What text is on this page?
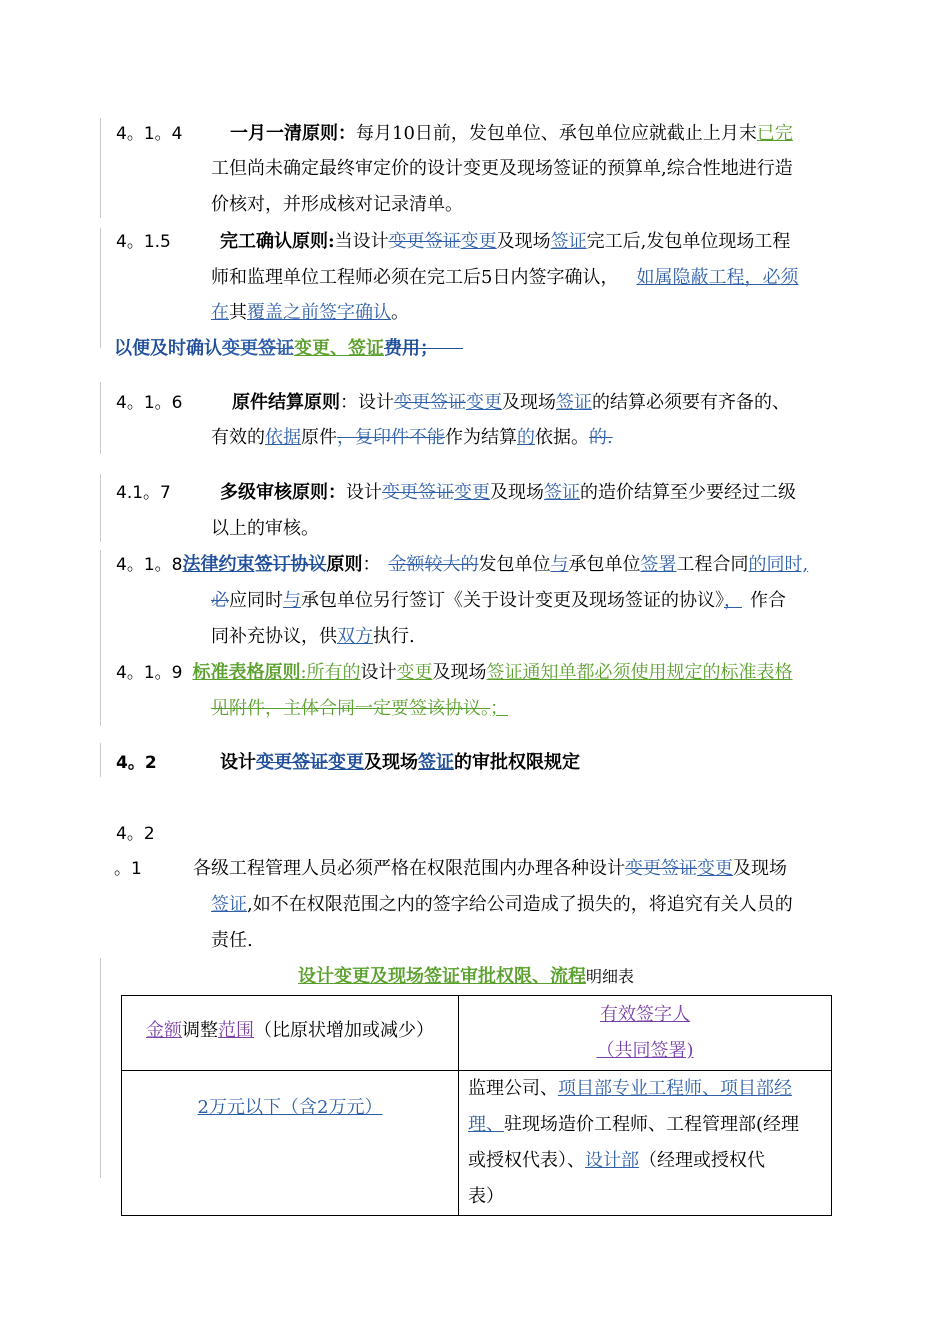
4。1。4	一月一清原则：每月10日前，发包单位、承包单位应就截止上月末已完
工但尚未确定最终审定价的设计变更及现场签证的预算单,综合性地进行造
价核对，并形成核对记录清单。
4。1.5	完工确认原则:当设计变更签证变更及现场签证完工后,发包单位现场工程
师和监理单位工程师必须在完工后5日内签字确认， 如属隐蔽工程，必须
在其覆盖之前签字确认。
以便及时确认变更签证变更、签证费用；
4。1。6	原件结算原则：设计变更签证变更及现场签证的结算必须要有齐备的、
有效的依据原件，复印件不能作为结算的依据。的.
4.1。7	多级审核原则：设计变更签证变更及现场签证的造价结算至少要经过二级
以上的审核。
4。1。8法律约束签订协议原则： 金额较大的发包单位与承包单位签署工程合同的同时,
必应同时与承包单位另行签订《关于设计变更及现场签证的协议》， 作合
同补充协议，供双方执行.
4。1。9 标准表格原则:所有的设计变更及现场签证通知单都必须使用规定的标准表格
见附件，主体合同一定要签该协议。；
4。2	设计变更签证变更及现场签证的审批权限规定
4。2
。1	各级工程管理人员必须严格在权限范围内办理各种设计变更签证变更及现场
签证,如不在权限范围之内的签字给公司造成了损失的，将追究有关人员的
责任.
设计变更及现场签证审批权限、流程明细表
金额调整范围（比原状增加或减少）	有效签字人
（共同签署)

2万元以下（含2万元）	监理公司、项目部专业工程师、项目部经
理、驻现场造价工程师、工程管理部(经理
或授权代表）、设计部（经理或授权代
表）
